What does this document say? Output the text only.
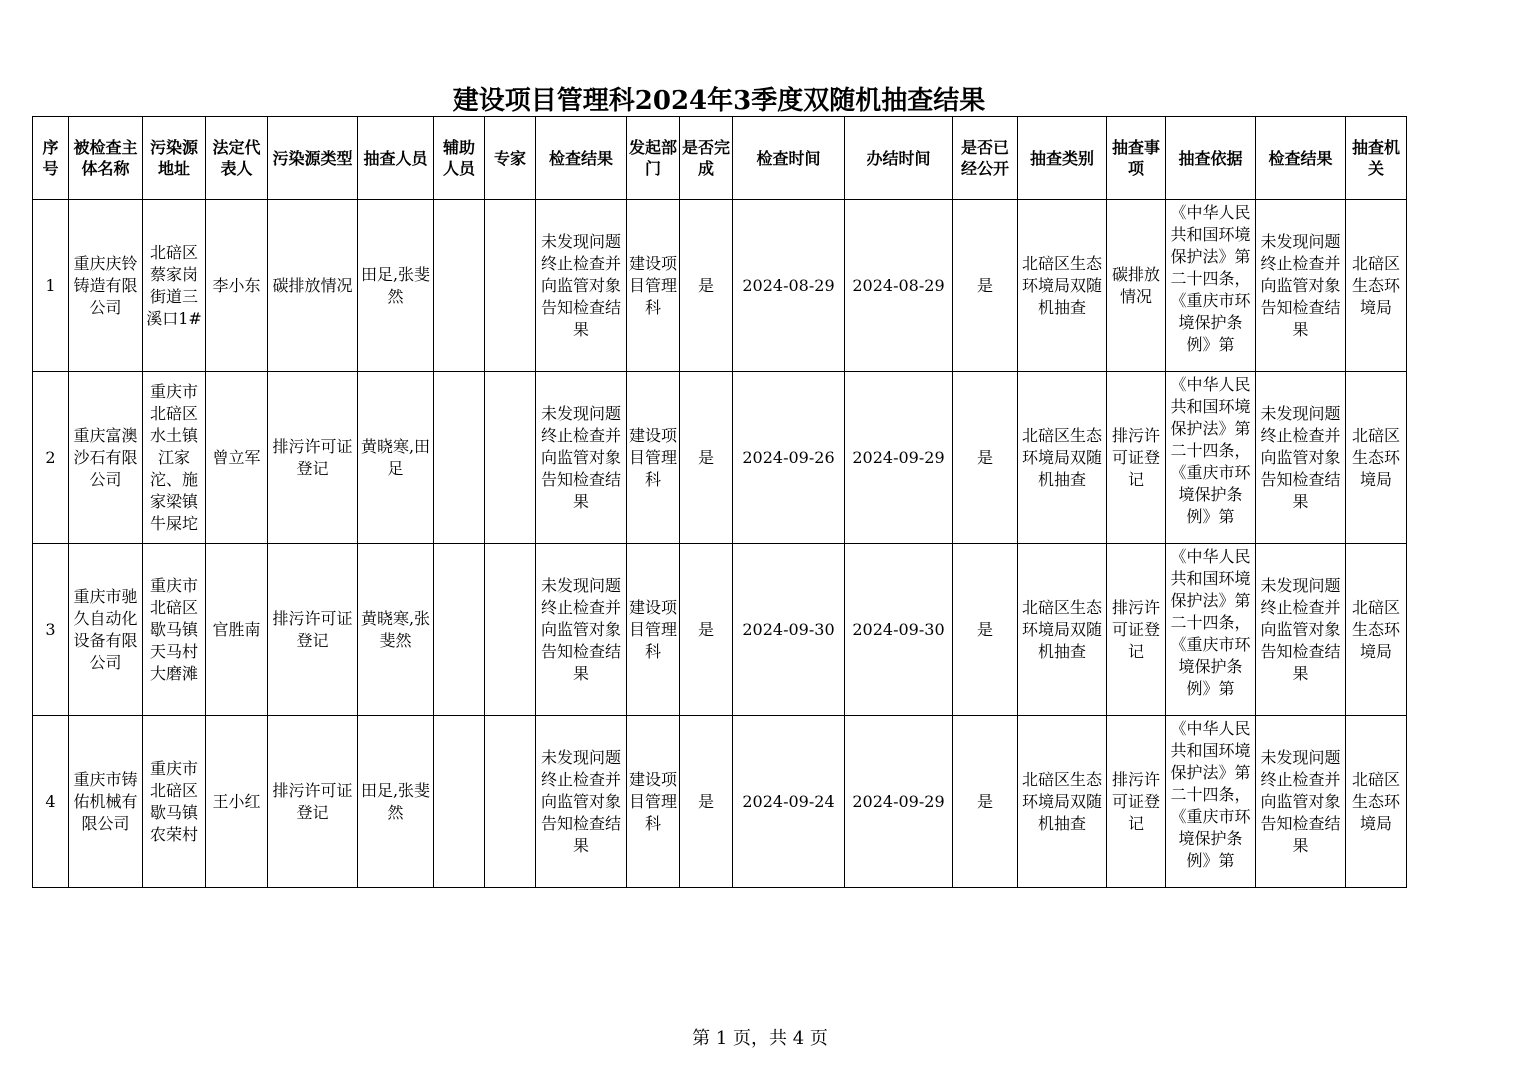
建设项目管理科2024年3季度双随机抽查结果
序号	被检查主体名称	污染源地址	法定代表人	污染源类型	抽查人员	辅助人员	专家	检查结果	发起部门	是否完成	检查时间	办结时间	是否已经公开	抽查类别	抽查事项	抽查依据	检查结果	抽查机关
1	重庆庆铃铸造有限公司	北碚区蔡家岗街道三溪口1#	李小东	碳排放情况	田足,张斐然			未发现问题终止检查并向监管对象告知检查结果	建设项目管理科	是	2024-08-29	2024-08-29	是	北碚区生态环境局双随机抽查	碳排放情况	《中华人民共和国环境保护法》第二十四条，《重庆市环境保护条例》第	未发现问题终止检查并向监管对象告知检查结果	北碚区生态环境局
2	重庆富澳沙石有限公司	重庆市北碚区水土镇江家沱、施家梁镇牛屎坨	曾立军	排污许可证登记	黄晓寒,田足			未发现问题终止检查并向监管对象告知检查结果	建设项目管理科	是	2024-09-26	2024-09-29	是	北碚区生态环境局双随机抽查	排污许可证登记	《中华人民共和国环境保护法》第二十四条，《重庆市环境保护条例》第	未发现问题终止检查并向监管对象告知检查结果	北碚区生态环境局
3	重庆市驰久自动化设备有限公司	重庆市北碚区歇马镇天马村大磨滩	官胜南	排污许可证登记	黄晓寒,张斐然			未发现问题终止检查并向监管对象告知检查结果	建设项目管理科	是	2024-09-30	2024-09-30	是	北碚区生态环境局双随机抽查	排污许可证登记	《中华人民共和国环境保护法》第二十四条，《重庆市环境保护条例》第	未发现问题终止检查并向监管对象告知检查结果	北碚区生态环境局
4	重庆市铸佑机械有限公司	重庆市北碚区歇马镇农荣村	王小红	排污许可证登记	田足,张斐然			未发现问题终止检查并向监管对象告知检查结果	建设项目管理科	是	2024-09-24	2024-09-29	是	北碚区生态环境局双随机抽查	排污许可证登记	《中华人民共和国环境保护法》第二十四条，《重庆市环境保护条例》第	未发现问题终止检查并向监管对象告知检查结果	北碚区生态环境局
第 1 页，共 4 页
